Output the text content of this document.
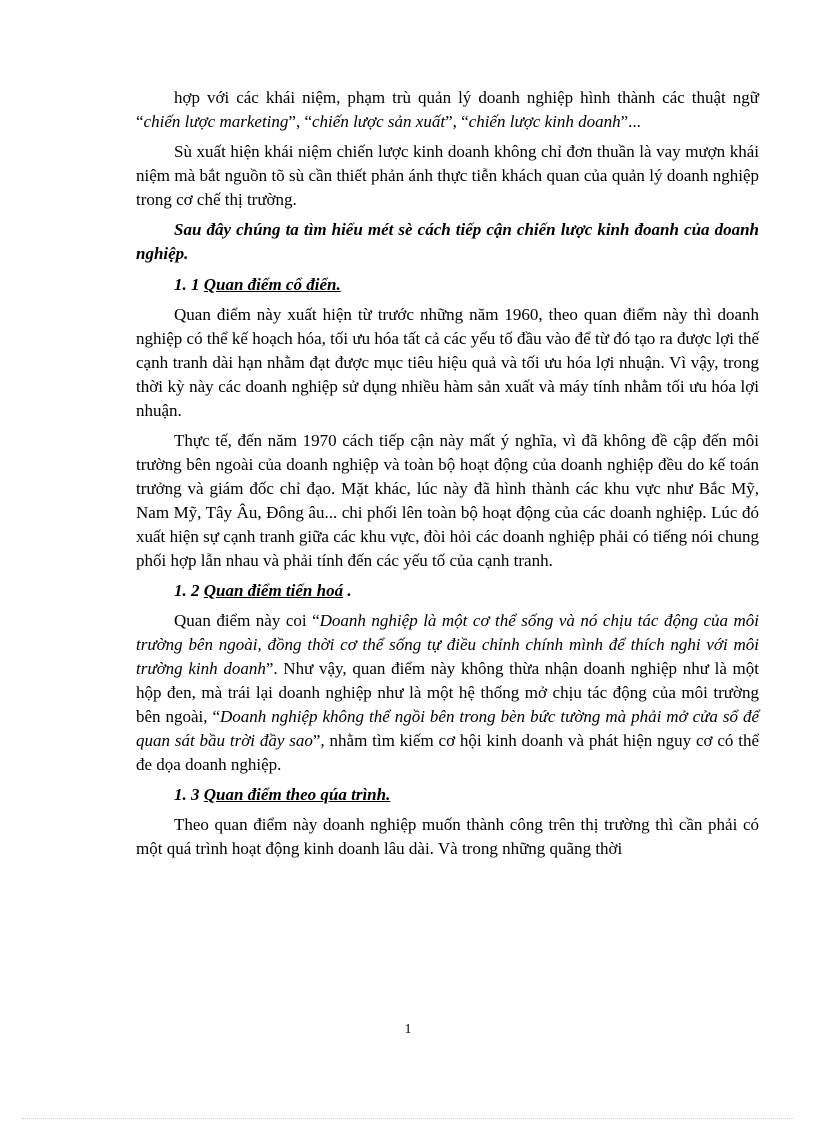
hợp với các khái niệm, phạm trù quản lý doanh nghiệp hình thành các thuật ngữ “chiến lược marketing”, “chiến lược sản xuất”, “chiến lược kinh doanh”...

Sù xuất hiện khái niệm chiến lược kinh doanh không chỉ đơn thuần là vay mượn khái niệm mà bắt nguồn tõ sù cần thiết phản ánh thực tiễn khách quan của quản lý doanh nghiệp trong cơ chế thị trường.

Sau đây chúng ta tìm hiểu mét sè cách tiếp cận chiến lược kinh đoanh của doanh nghiệp.

1. 1 Quan điểm cổ điển.

Quan điểm này xuất hiện từ trước những năm 1960, theo quan điểm này thì doanh nghiệp có thể kế hoạch hóa, tối ưu hóa tất cả các yếu tố đầu vào để từ đó tạo ra được lợi thế cạnh tranh dài hạn nhằm đạt được mục tiêu hiệu quả và tối ưu hóa lợi nhuận. Vì vậy, trong thời kỳ này các doanh nghiệp sử dụng nhiều hàm sản xuất và máy tính nhằm tối ưu hóa lợi nhuận.

Thực tế, đến năm 1970 cách tiếp cận này mất ý nghĩa, vì đã không đề cập đến môi trường bên ngoài của doanh nghiệp và toàn bộ hoạt động của doanh nghiệp đều do kế toán trưởng và giám đốc chỉ đạo. Mặt khác, lúc này đã hình thành các khu vực như Bắc Mỹ, Nam Mỹ, Tây Âu, Đông âu... chi phối lên toàn bộ hoạt động của các doanh nghiệp. Lúc đó xuất hiện sự cạnh tranh giữa các khu vực, đòi hỏi các doanh nghiệp phải có tiếng nói chung phối hợp lẫn nhau và phải tính đến các yếu tố của cạnh tranh.

1. 2 Quan điểm tiến hoá .

Quan điểm này coi “Doanh nghiệp là một cơ thể sống và nó chịu tác động của môi trường bên ngoài, đồng thời cơ thể sống tự điều chỉnh chính mình để thích nghi với môi trường kinh doanh”. Như vậy, quan điểm này không thừa nhận doanh nghiệp như là một hộp đen, mà trái lại doanh nghiệp như là một hệ thống mở chịu tác động của môi trường bên ngoài, “Doanh nghiệp không thể ngồi bên trong bèn bức tường mà phải mở cửa sổ để quan sát bầu trời đầy sao”, nhằm tìm kiếm cơ hội kinh doanh và phát hiện nguy cơ có thể đe dọa doanh nghiệp.

1. 3 Quan điểm theo qúa trình.

Theo quan điểm này doanh nghiệp muốn thành công trên thị trường thì cần phải có một quá trình hoạt động kinh doanh lâu dài. Và trong những quãng thời

1
